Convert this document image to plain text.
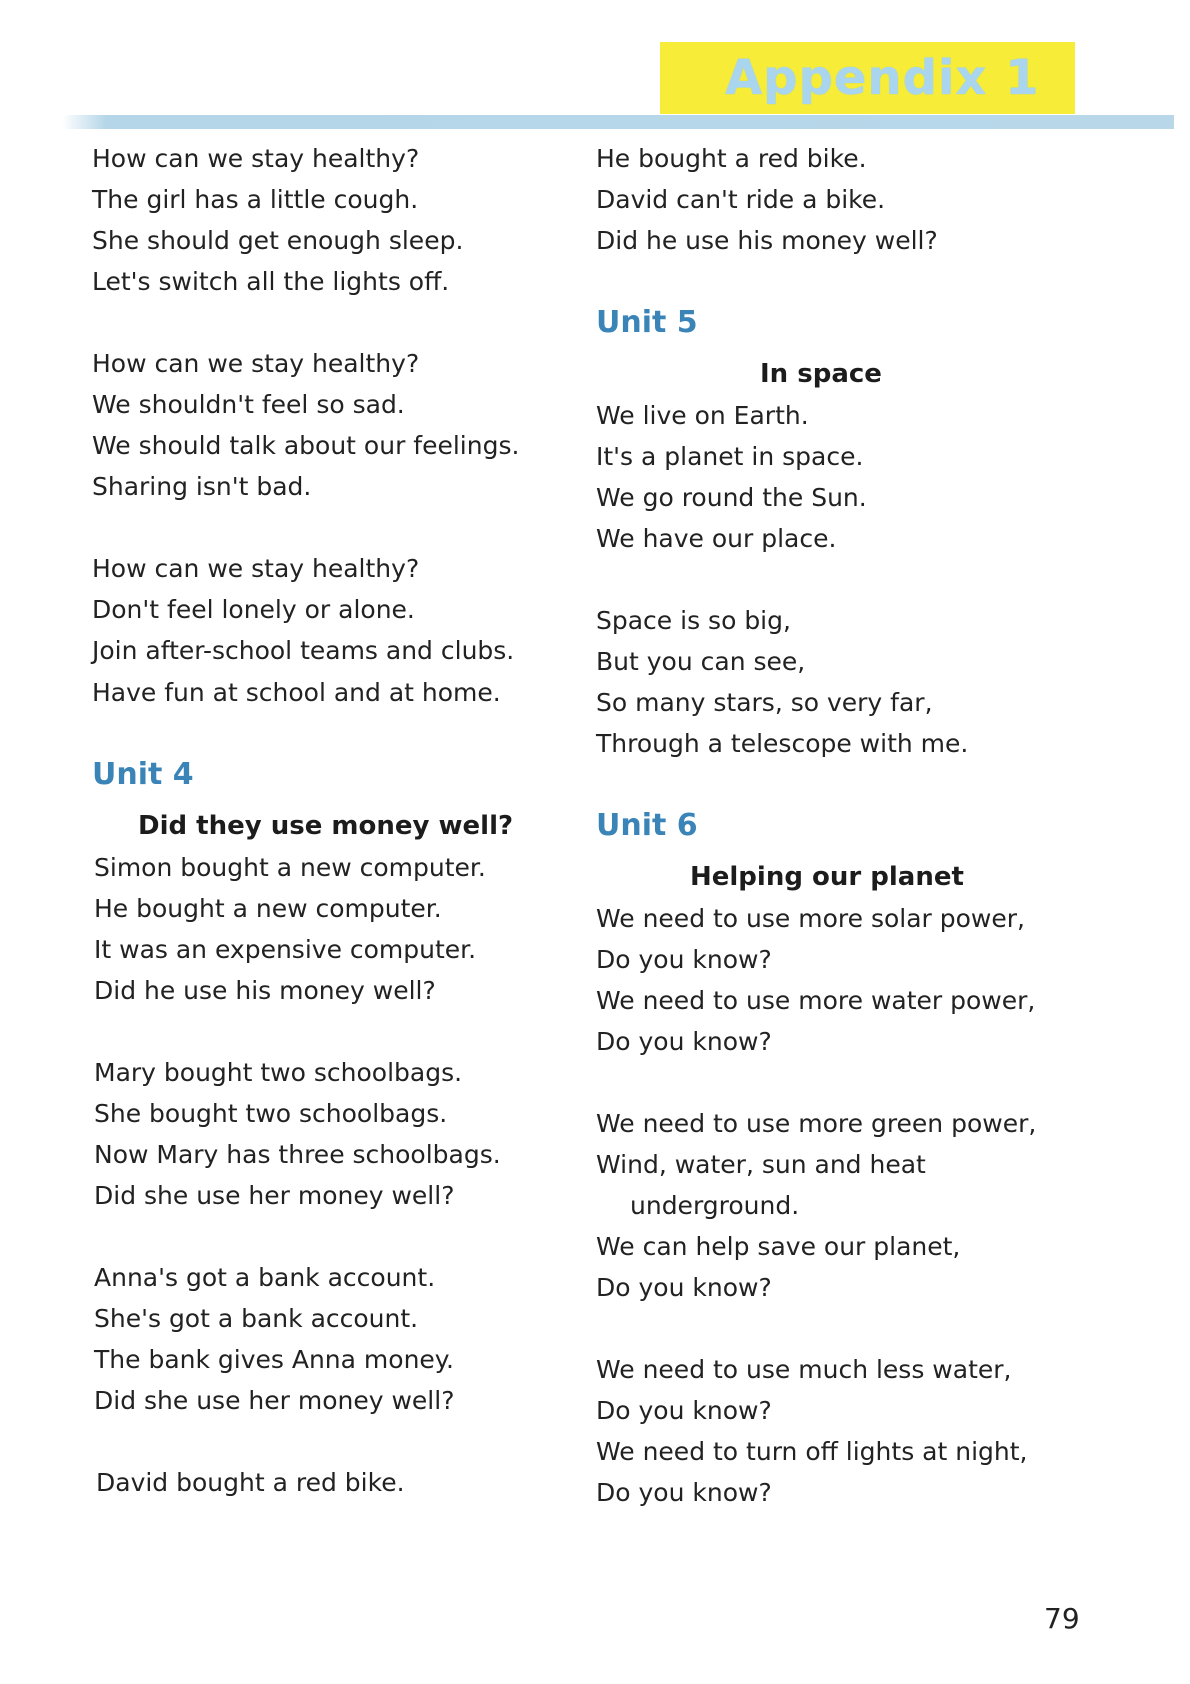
Appendix 1
How can we stay healthy?
The girl has a little cough.
She should get enough sleep.
Let's switch all the lights off.
How can we stay healthy?
We shouldn't feel so sad.
We should talk about our feelings.
Sharing isn't bad.
How can we stay healthy?
Don't feel lonely or alone.
Join after-school teams and clubs.
Have fun at school and at home.
Unit 4
Did they use money well?
Simon bought a new computer.
He bought a new computer.
It was an expensive computer.
Did he use his money well?
Mary bought two schoolbags.
She bought two schoolbags.
Now Mary has three schoolbags.
Did she use her money well?
Anna's got a bank account.
She's got a bank account.
The bank gives Anna money.
Did she use her money well?
David bought a red bike.
He bought a red bike.
David can't ride a bike.
Did he use his money well?
Unit 5
In space
We live on Earth.
It's a planet in space.
We go round the Sun.
We have our place.
Space is so big,
But you can see,
So many stars, so very far,
Through a telescope with me.
Unit 6
Helping our planet
We need to use more solar power,
Do you know?
We need to use more water power,
Do you know?
We need to use more green power,
Wind, water, sun and heat
underground.
We can help save our planet,
Do you know?
We need to use much less water,
Do you know?
We need to turn off lights at night,
Do you know?
79
